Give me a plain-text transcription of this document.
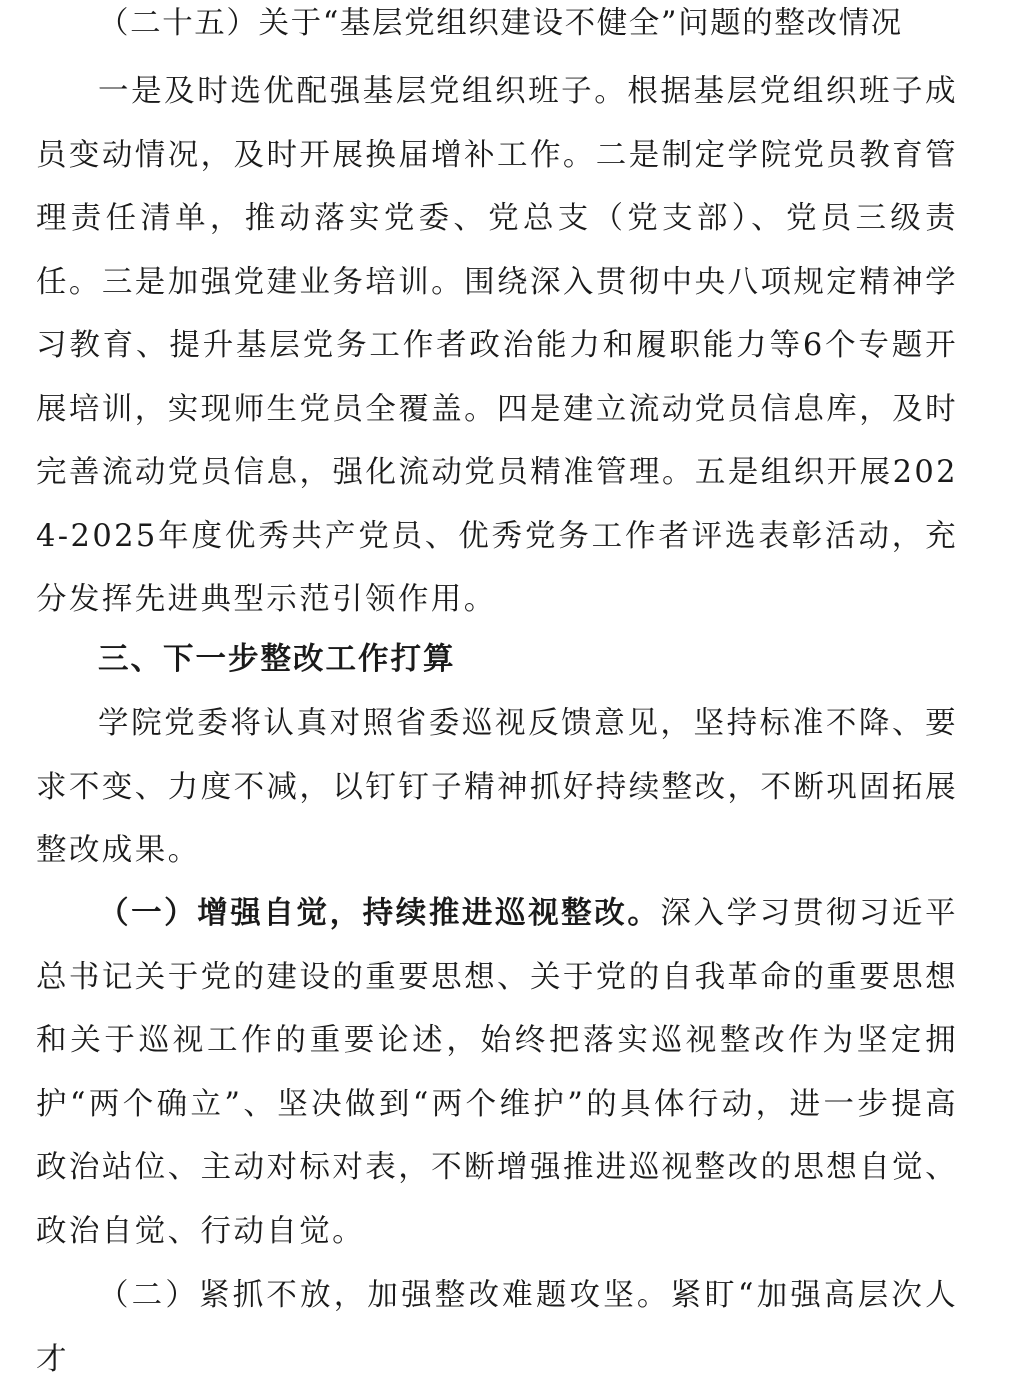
（二十五）关于“基层党组织建设不健全”问题的整改情况

一是及时选优配强基层党组织班子。根据基层党组织班子成员变动情况，及时开展换届增补工作。二是制定学院党员教育管理责任清单，推动落实党委、党总支（党支部）、党员三级责任。三是加强党建业务培训。围绕深入贯彻中央八项规定精神学习教育、提升基层党务工作者政治能力和履职能力等6个专题开展培训，实现师生党员全覆盖。四是建立流动党员信息库，及时完善流动党员信息，强化流动党员精准管理。五是组织开展2024-2025年度优秀共产党员、优秀党务工作者评选表彰活动，充分发挥先进典型示范引领作用。

三、下一步整改工作打算

学院党委将认真对照省委巡视反馈意见，坚持标准不降、要求不变、力度不减，以钉钉子精神抓好持续整改，不断巩固拓展整改成果。

（一）增强自觉，持续推进巡视整改。深入学习贯彻习近平总书记关于党的建设的重要思想、关于党的自我革命的重要思想和关于巡视工作的重要论述，始终把落实巡视整改作为坚定拥护“两个确立”、坚决做到“两个维护”的具体行动，进一步提高政治站位、主动对标对表，不断增强推进巡视整改的思想自觉、政治自觉、行动自觉。

（二）紧抓不放，加强整改难题攻坚。紧盯“加强高层次人才
